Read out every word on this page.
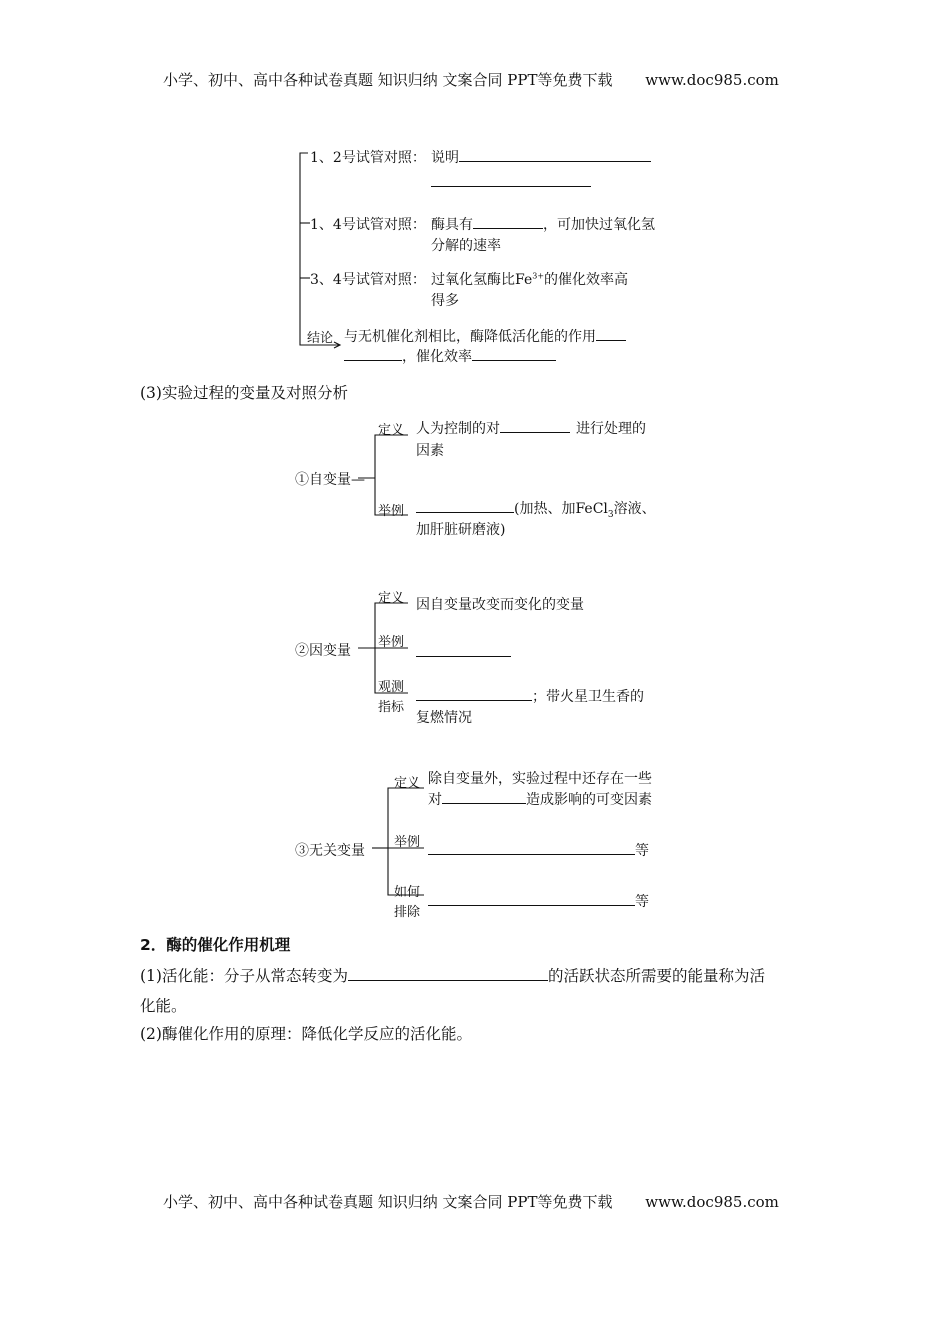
小学、初中、高中各种试卷真题 知识归纳 文案合同 PPT等免费下载 www.doc985.com
1、2号试管对照： 说明
1、4号试管对照： 酶具有	，可加快过氧化氢
分解的速率
3、4号试管对照： 过氧化氢酶比$Fe^{3+}$的催化效率高
得多
结论 与无机催化剂相比，酶降低活化能的作用
，催化效率
(3)实验过程的变量及对照分析
①自变量—
定义 人为控制的对	进行处理的
因素
举例	(加热、加FeCl$_3$溶液、
加肝脏研磨液)
②因变量
定义 因自变量改变而变化的变量
举例
观测
指标
；带火星卫生香的
复燃情况
③无关变量
定义 除自变量外，实验过程中还存在一些
对	造成影响的可变因素
举例
等
如何
排除
等
2．酶的催化作用机理
(1)活化能：分子从常态转变为	的活跃状态所需要的能量称为活
化能。
(2)酶催化作用的原理：降低化学反应的活化能。
小学、初中、高中各种试卷真题 知识归纳 文案合同 PPT等免费下载 www.doc985.com
